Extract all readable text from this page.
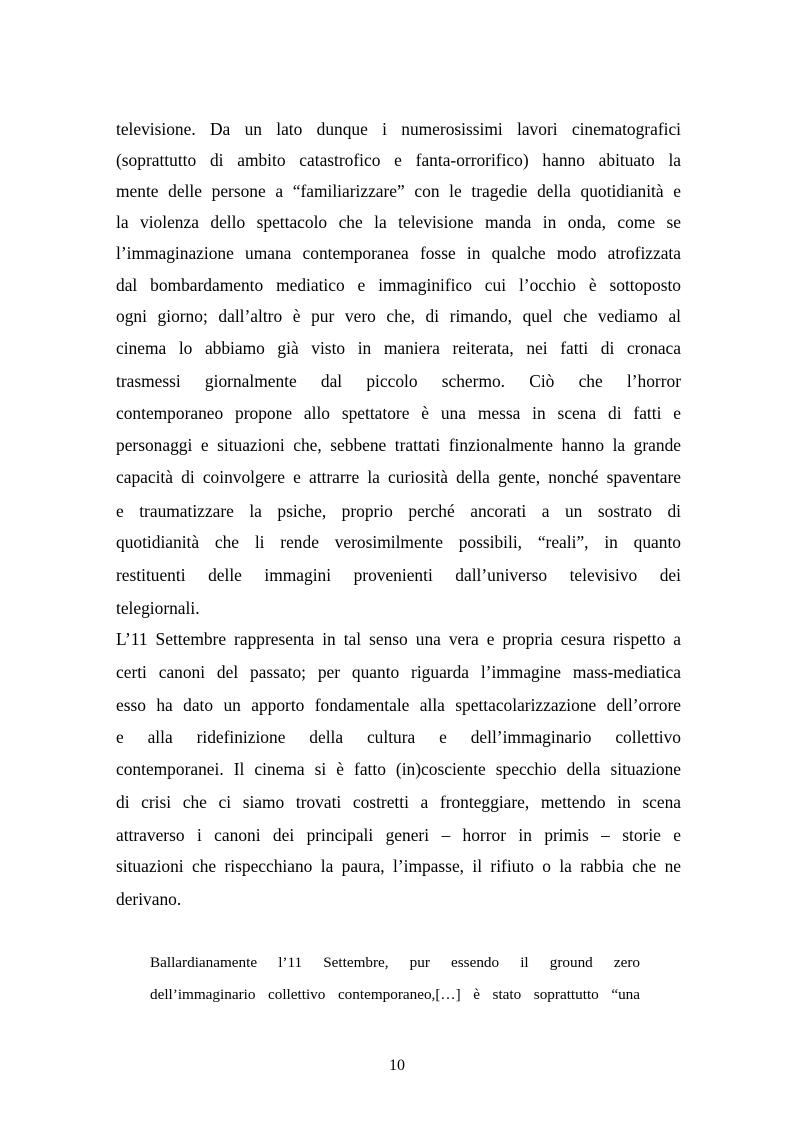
televisione. Da un lato dunque i numerosissimi lavori cinematografici
(soprattutto di ambito catastrofico e fanta-orrorifico) hanno abituato la
mente delle persone a “familiarizzare” con le tragedie della quotidianità e
la violenza dello spettacolo che la televisione manda in onda, come se
l’immaginazione umana contemporanea fosse in qualche modo atrofizzata
dal bombardamento mediatico e immaginifico cui l’occhio è sottoposto
ogni giorno; dall’altro è pur vero che, di rimando, quel che vediamo al
cinema lo abbiamo già visto in maniera reiterata, nei fatti di cronaca
trasmessi giornalmente dal piccolo schermo. Ciò che l’horror
contemporaneo propone allo spettatore è una messa in scena di fatti e
personaggi e situazioni che, sebbene trattati finzionalmente hanno la grande
capacità di coinvolgere e attrarre la curiosità della gente, nonché spaventare
e traumatizzare la psiche, proprio perché ancorati a un sostrato di
quotidianità che li rende verosimilmente possibili, “reali”, in quanto
restituenti delle immagini provenienti dall’universo televisivo dei
telegiornali.
L’11 Settembre rappresenta in tal senso una vera e propria cesura rispetto a
certi canoni del passato; per quanto riguarda l’immagine mass-mediatica
esso ha dato un apporto fondamentale alla spettacolarizzazione dell’orrore
e alla ridefinizione della cultura e dell’immaginario collettivo
contemporanei. Il cinema si è fatto (in)cosciente specchio della situazione
di crisi che ci siamo trovati costretti a fronteggiare, mettendo in scena
attraverso i canoni dei principali generi – horror in primis – storie e
situazioni che rispecchiano la paura, l’impasse, il rifiuto o la rabbia che ne
derivano.
Ballardianamente l’11 Settembre, pur essendo il ground zero
dell’immaginario collettivo contemporaneo,[…] è stato soprattutto “una
10
